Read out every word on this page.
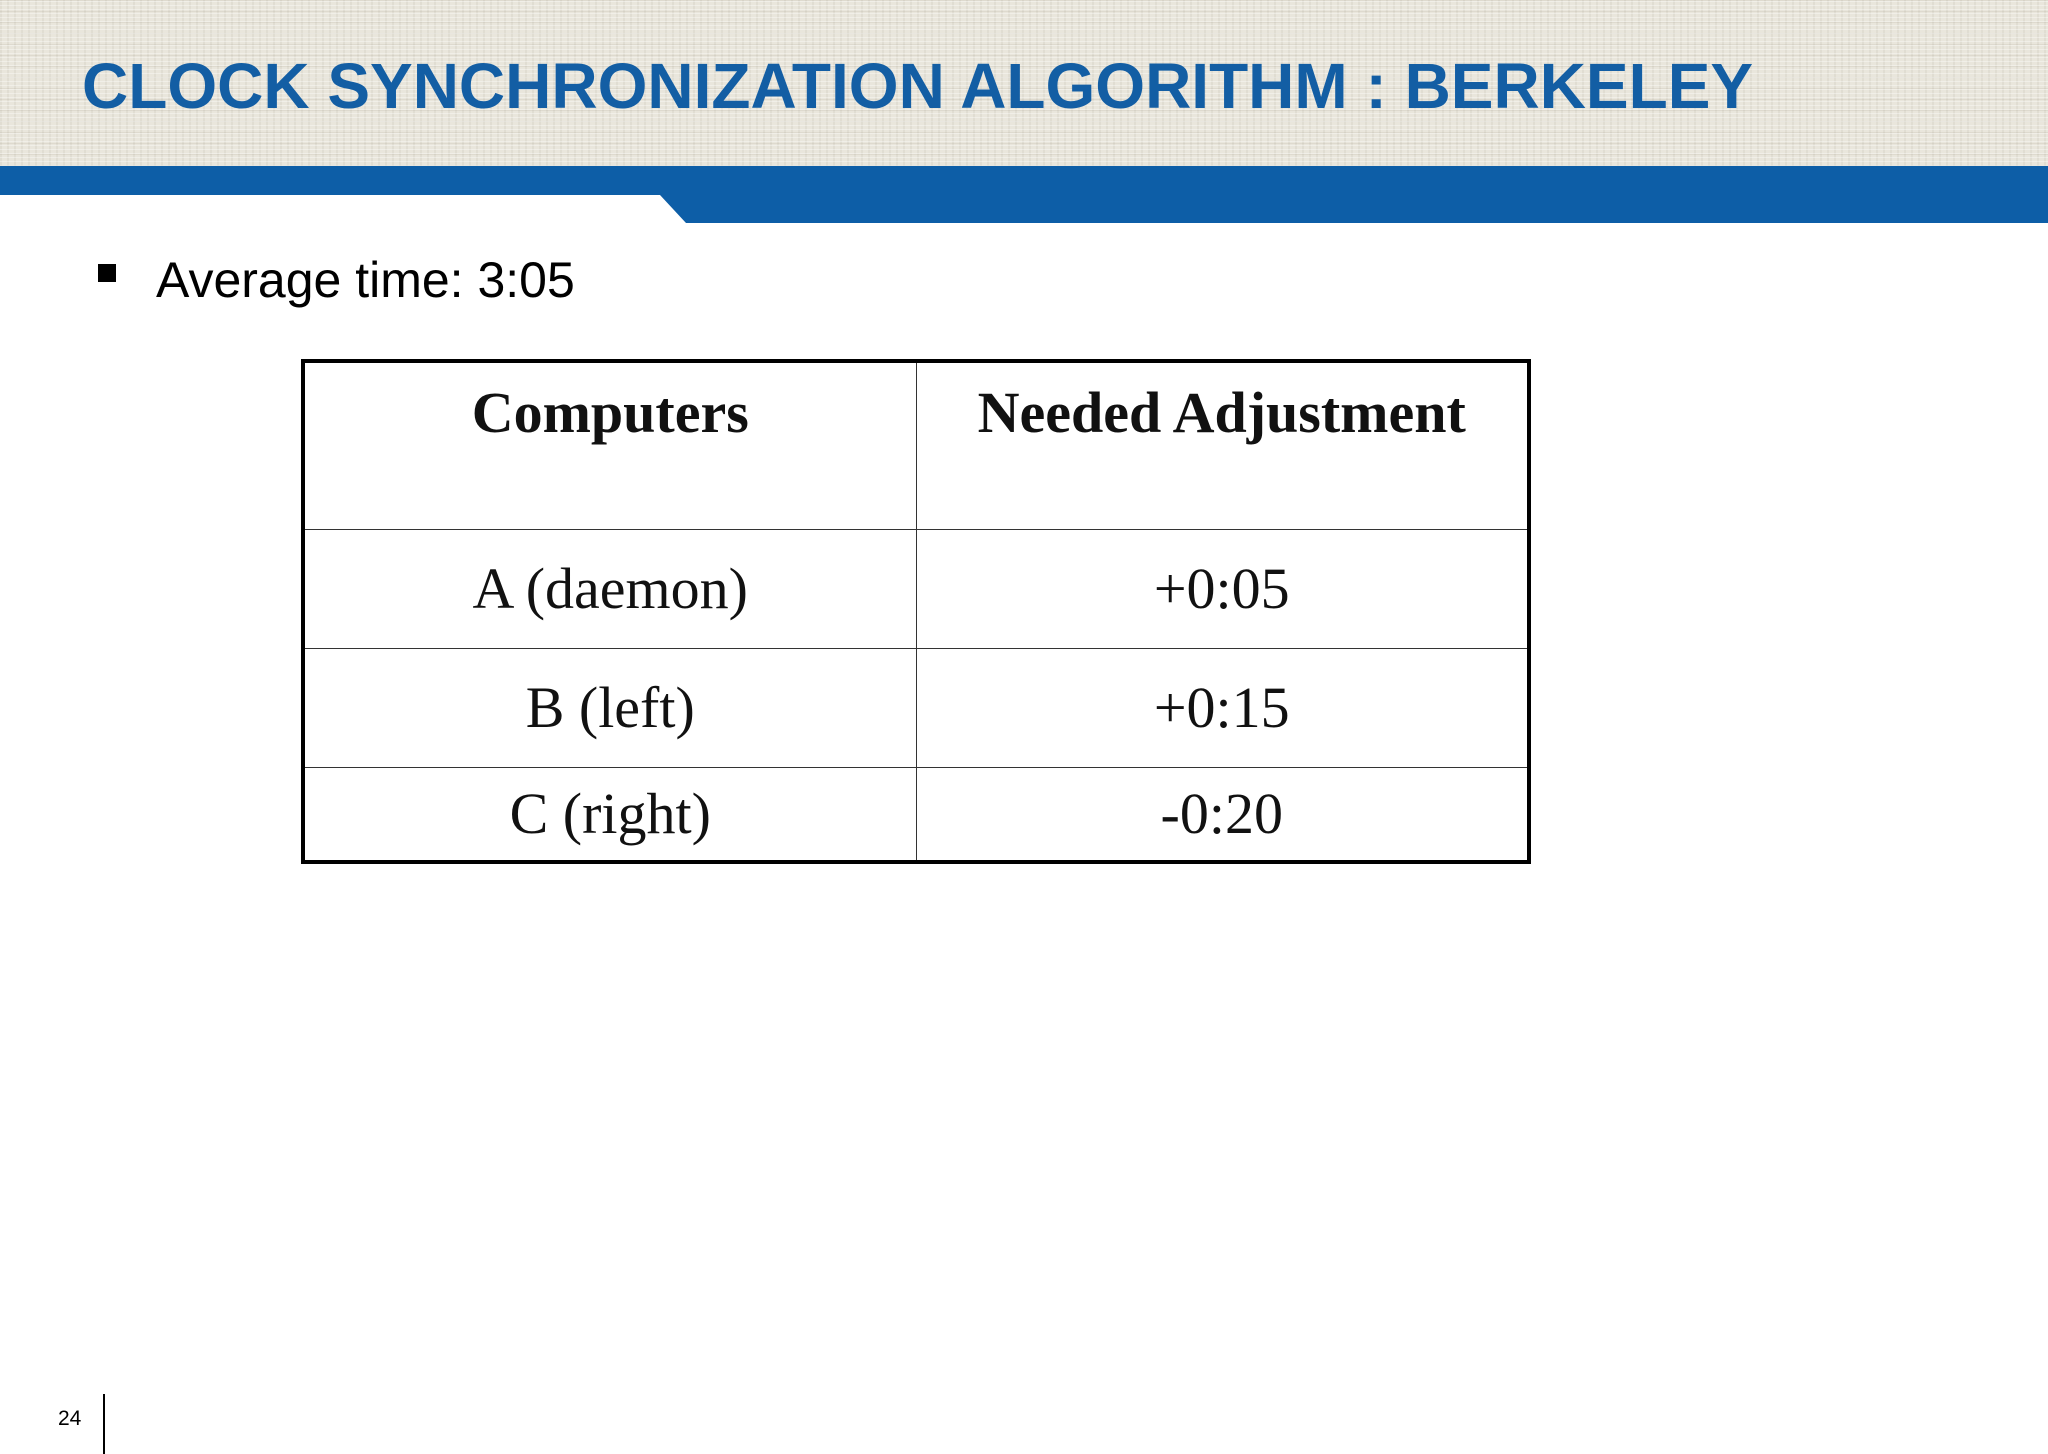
CLOCK SYNCHRONIZATION ALGORITHM : BERKELEY
Average time: 3:05
Computers	Needed Adjustment
A (daemon)	+0:05
B (left)	+0:15
C (right)	-0:20
24
